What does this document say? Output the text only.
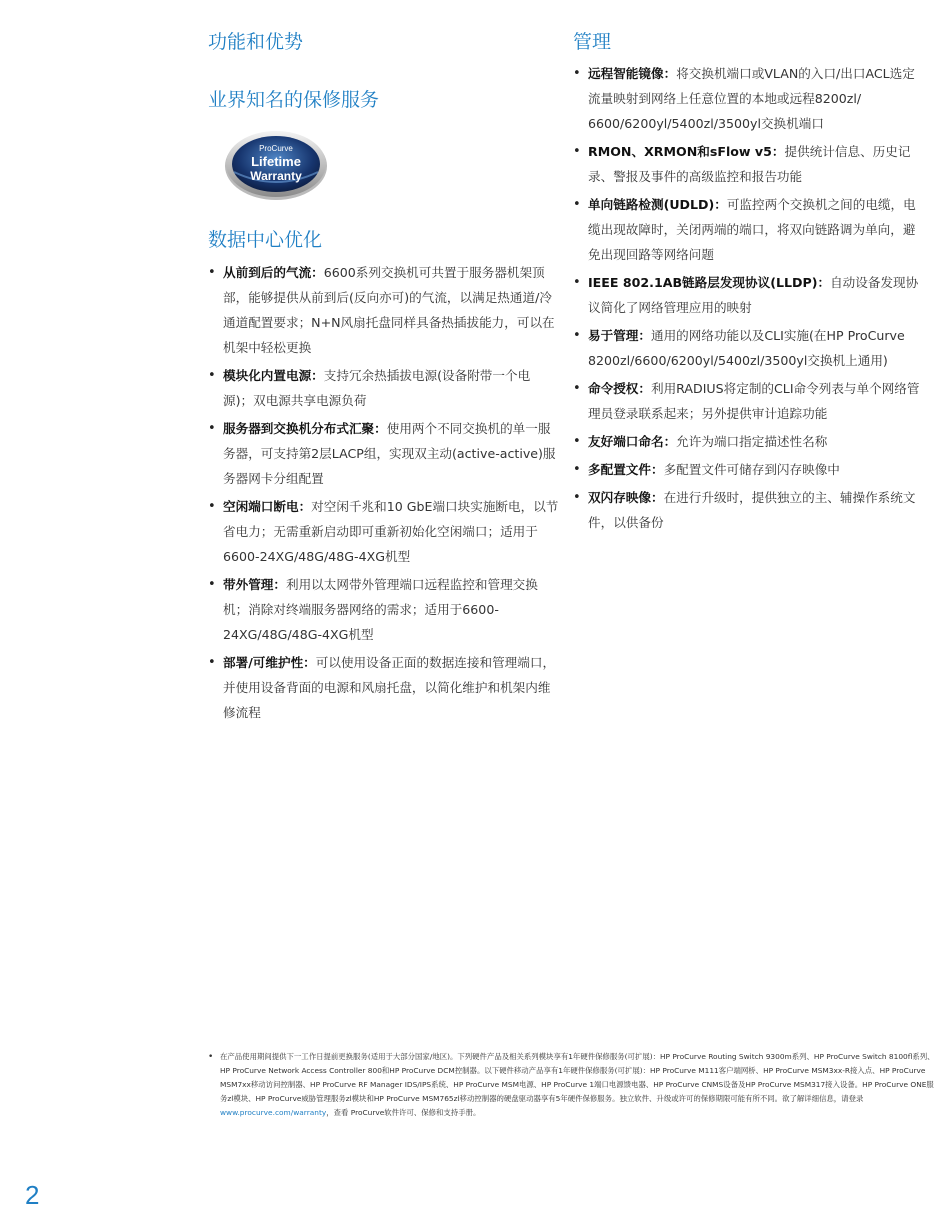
功能和优势
业界知名的保修服务
ProCurve
Lifetime
Warranty
数据中心优化
• 从前到后的气流：6600系列交换机可共置于服务器机架顶部，能够提供从前到后(反向亦可)的气流，以满足热通道/冷通道配置要求；N+N风扇托盘同样具备热插拔能力，可以在机架中轻松更换
• 模块化内置电源：支持冗余热插拔电源(设备附带一个电源)；双电源共享电源负荷
• 服务器到交换机分布式汇聚：使用两个不同交换机的单一服务器，可支持第2层LACP组，实现双主动(active-active)服务器网卡分组配置
• 空闲端口断电：对空闲千兆和10 GbE端口块实施断电，以节省电力；无需重新启动即可重新初始化空闲端口；适用于6600-24XG/48G/48G-4XG机型
• 带外管理：利用以太网带外管理端口远程监控和管理交换机；消除对终端服务器网络的需求；适用于6600-24XG/48G/48G-4XG机型
• 部署/可维护性：可以使用设备正面的数据连接和管理端口，并使用设备背面的电源和风扇托盘，以简化维护和机架内维修流程
管理
• 远程智能镜像：将交换机端口或VLAN的入口/出口ACL选定流量映射到网络上任意位置的本地或远程8200zl/ 6600/6200yl/5400zl/3500yl交换机端口
• RMON、XRMON和sFlow v5：提供统计信息、历史记录、警报及事件的高级监控和报告功能
• 单向链路检测(UDLD)：可监控两个交换机之间的电缆，电缆出现故障时，关闭两端的端口，将双向链路调为单向，避免出现回路等网络问题
• IEEE 802.1AB链路层发现协议(LLDP)：自动设备发现协议简化了网络管理应用的映射
• 易于管理：通用的网络功能以及CLI实施(在HP ProCurve 8200zl/6600/6200yl/5400zl/3500yl交换机上通用)
• 命令授权：利用RADIUS将定制的CLI命令列表与单个网络管理员登录联系起来；另外提供审计追踪功能
• 友好端口命名：允许为端口指定描述性名称
• 多配置文件：多配置文件可储存到闪存映像中
• 双闪存映像：在进行升级时，提供独立的主、辅操作系统文件，以供备份
• 在产品使用期间提供下一工作日提前更换服务(适用于大部分国家/地区)。下列硬件产品及相关系列模块享有1年硬件保修服务(可扩展)：HP ProCurve Routing Switch 9300m系列、HP ProCurve Switch 8100fl系列、HP ProCurve Network Access Controller 800和HP ProCurve DCM控制器。以下硬件移动产品享有1年硬件保修服务(可扩展)：HP ProCurve M111客户端网桥、HP ProCurve MSM3xx-R接入点、HP ProCurve MSM7xx移动访问控制器、HP ProCurve RF Manager IDS/IPS系统、HP ProCurve MSM电源、HP ProCurve 1端口电源馈电器、HP ProCurve CNMS设备及HP ProCurve MSM317接入设备。HP ProCurve ONE服务zl模块、HP ProCurve威胁管理服务zl模块和HP ProCurve MSM765zl移动控制器的硬盘驱动器享有5年硬件保修服务。独立软件、升级或许可的保修期限可能有所不同。欲了解详细信息，请登录www.procurve.com/warranty，查看 ProCurve软件许可、保修和支持手册。
2
